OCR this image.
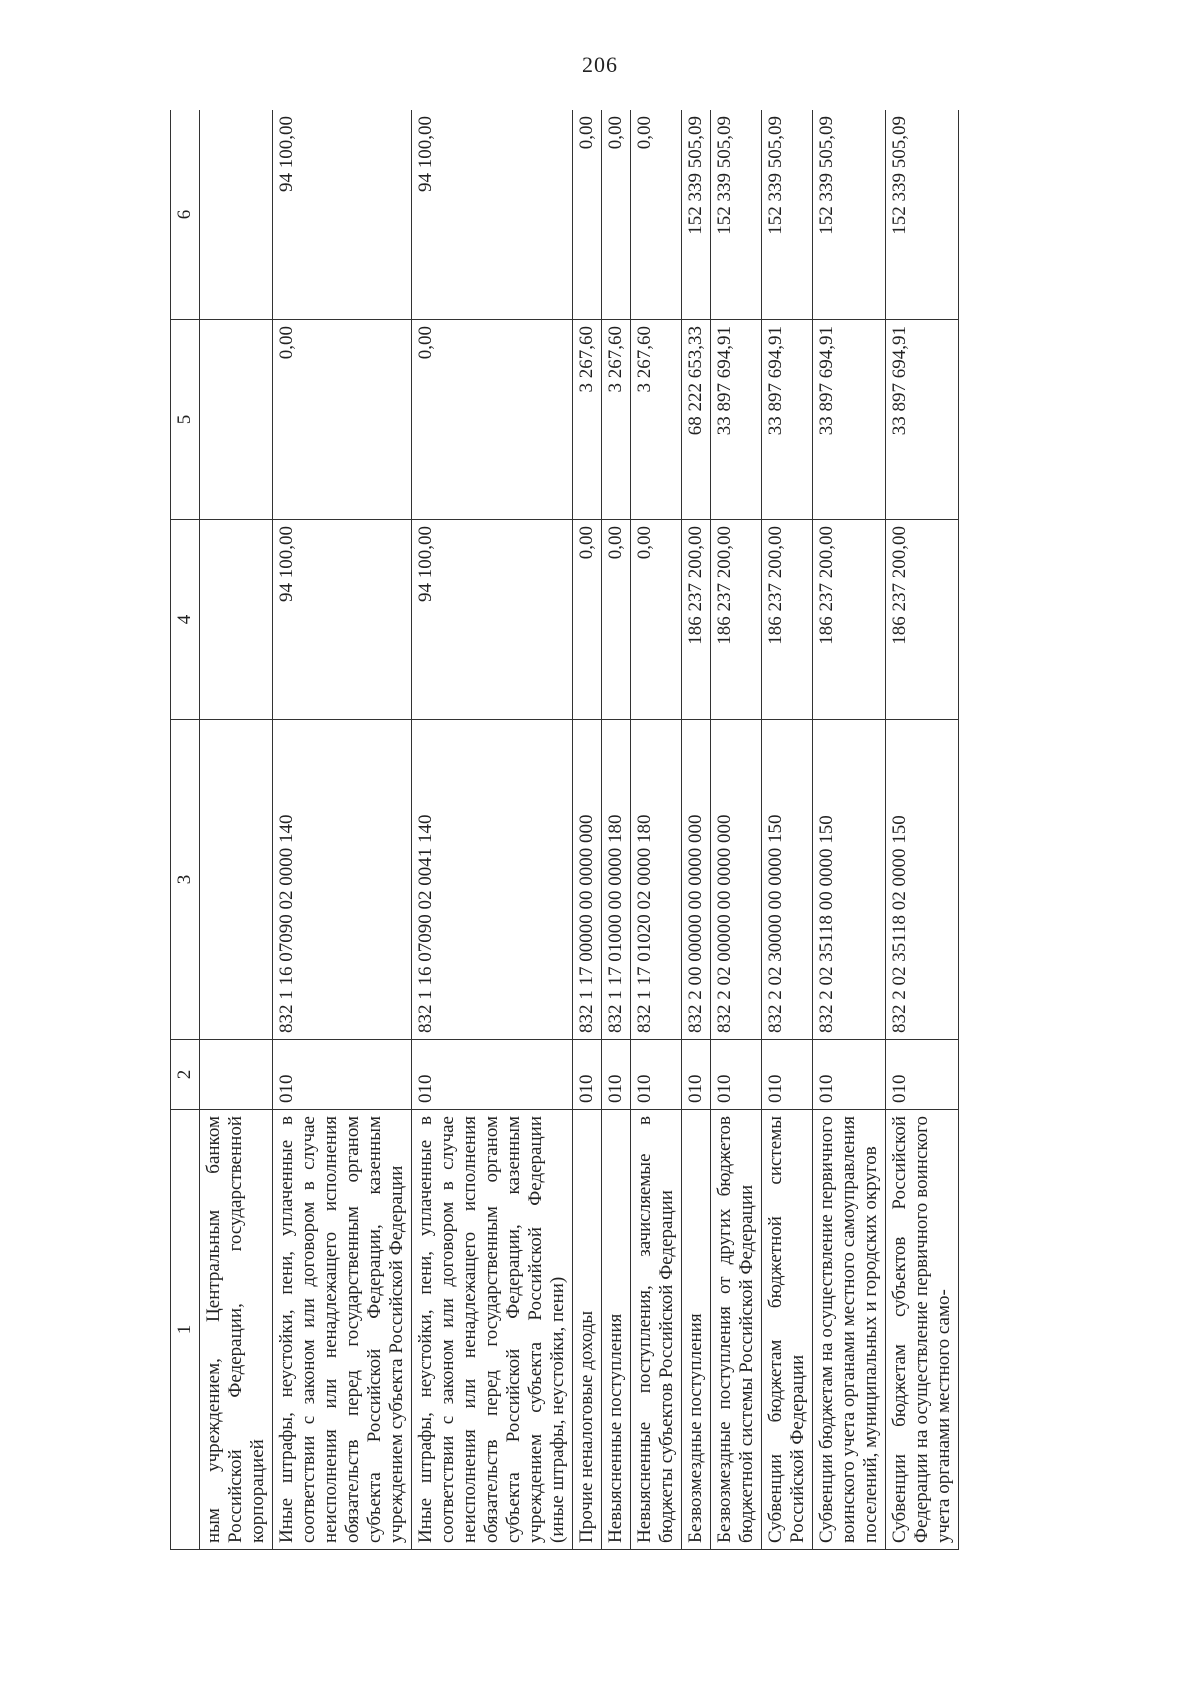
206
1	2	3	4	5	6
ным учреждением, Центральным банком Российской Федерации, государственной корпорацией					
Иные штрафы, неустойки, пени, уплаченные в соответствии с законом или договором в случае неисполнения или ненадлежащего исполнения обязательств перед государственным органом субъекта Российской Федерации, казенным учреждением субъекта Российской Федерации	010	832 1 16 07090 02 0000 140	94 100,00	0,00	94 100,00
Иные штрафы, неустойки, пени, уплаченные в соответствии с законом или договором в случае неисполнения или ненадлежащего исполнения обязательств перед государственным органом субъекта Российской Федерации, казенным учреждением субъекта Российской Федерации (иные штрафы, неустойки, пени)	010	832 1 16 07090 02 0041 140	94 100,00	0,00	94 100,00
Прочие неналоговые доходы	010	832 1 17 00000 00 0000 000	0,00	3 267,60	0,00
Невыясненные поступления	010	832 1 17 01000 00 0000 180	0,00	3 267,60	0,00
Невыясненные поступления, зачисляемые в бюджеты субъектов Российской Федерации	010	832 1 17 01020 02 0000 180	0,00	3 267,60	0,00
Безвозмездные поступления	010	832 2 00 00000 00 0000 000	186 237 200,00	68 222 653,33	152 339 505,09
Безвозмездные поступления от других бюджетов бюджетной системы Российской Федерации	010	832 2 02 00000 00 0000 000	186 237 200,00	33 897 694,91	152 339 505,09
Субвенции бюджетам бюджетной системы Российской Федерации	010	832 2 02 30000 00 0000 150	186 237 200,00	33 897 694,91	152 339 505,09
Субвенции бюджетам на осуществление первичного воинского учета органами местного самоуправления поселений, муниципальных и городских округов	010	832 2 02 35118 00 0000 150	186 237 200,00	33 897 694,91	152 339 505,09
Субвенции бюджетам субъектов Российской Федерации на осуществление первичного воинского учета органами местного само-	010	832 2 02 35118 02 0000 150	186 237 200,00	33 897 694,91	152 339 505,09
